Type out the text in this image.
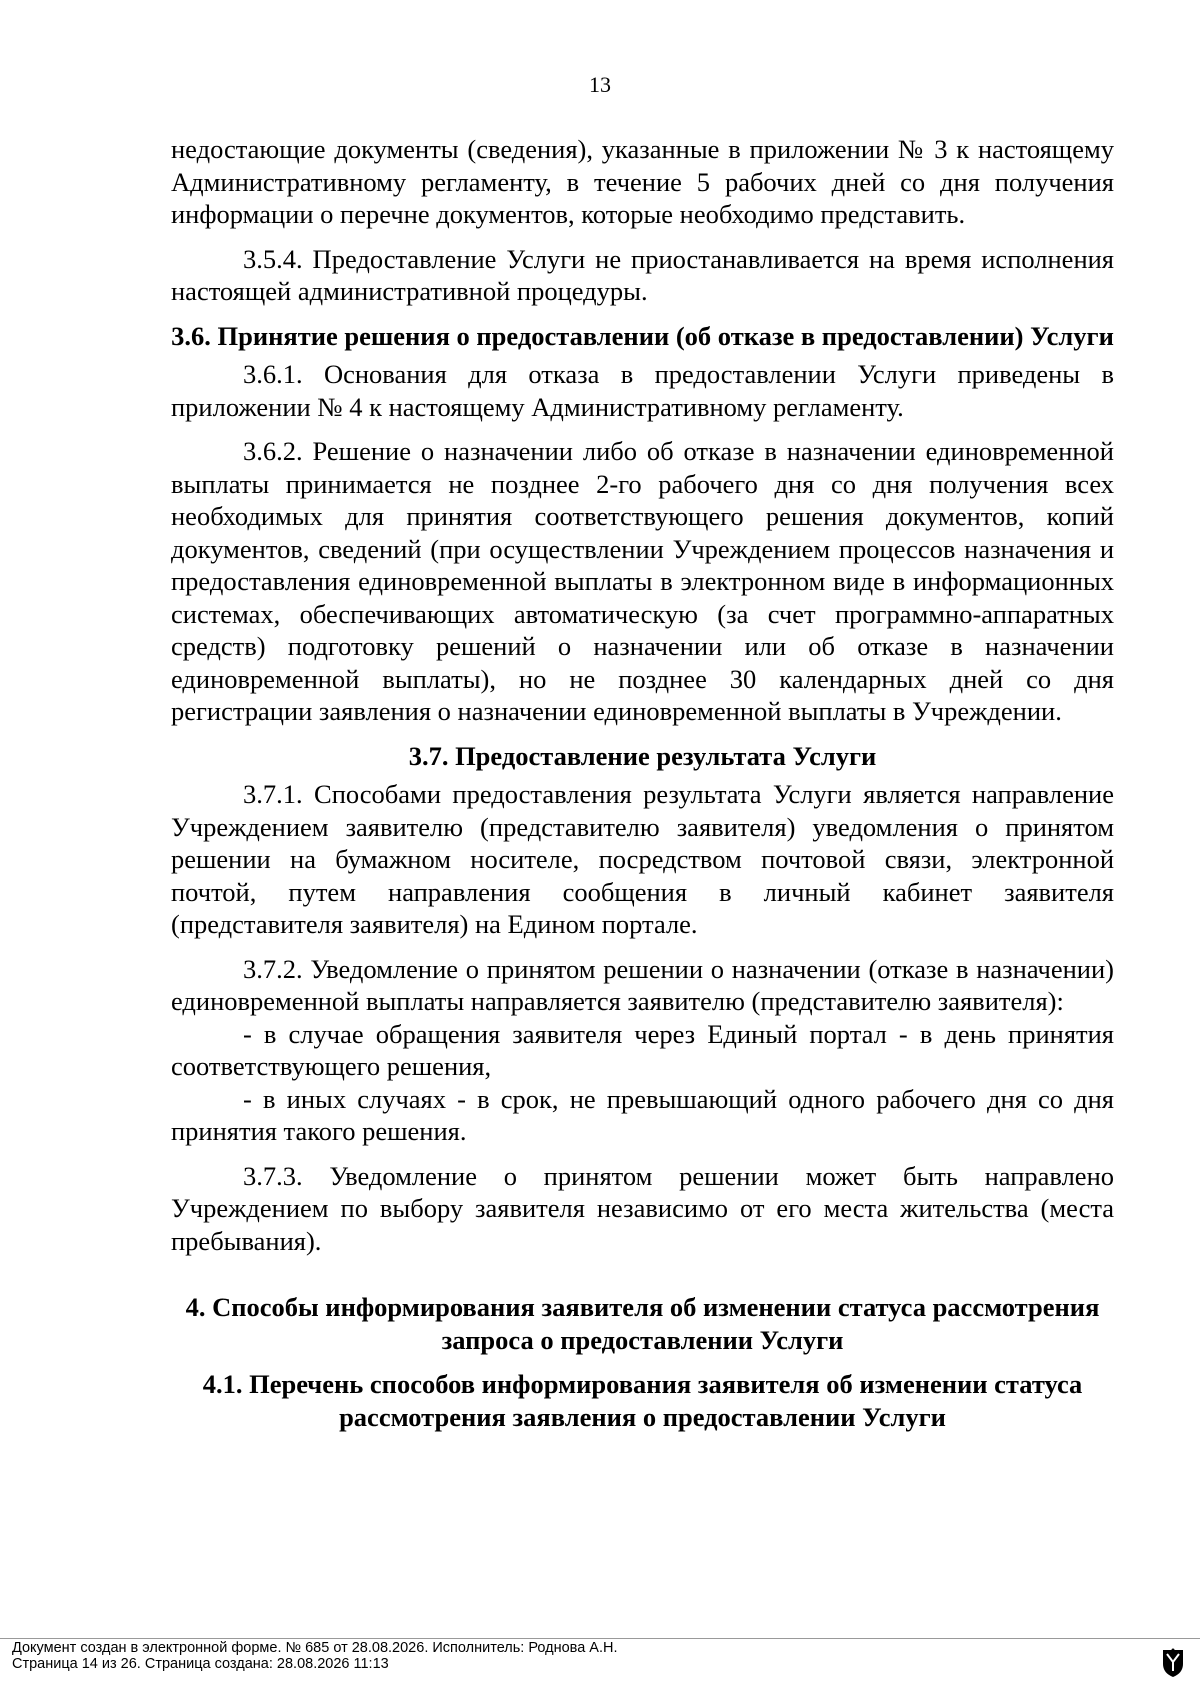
13

недостающие документы (сведения), указанные в приложении № 3 к настоящему Административному регламенту, в течение 5 рабочих дней со дня получения информации о перечне документов, которые необходимо представить.

3.5.4. Предоставление Услуги не приостанавливается на время исполнения настоящей административной процедуры.

3.6. Принятие решения о предоставлении (об отказе в предоставлении) Услуги

3.6.1. Основания для отказа в предоставлении Услуги приведены в приложении № 4 к настоящему Административному регламенту.

3.6.2. Решение о назначении либо об отказе в назначении единовременной выплаты принимается не позднее 2-го рабочего дня со дня получения всех необходимых для принятия соответствующего решения документов, копий документов, сведений (при осуществлении Учреждением процессов назначения и предоставления единовременной выплаты в электронном виде в информационных системах, обеспечивающих автоматическую (за счет программно-аппаратных средств) подготовку решений о назначении или об отказе в назначении единовременной выплаты), но не позднее 30 календарных дней со дня регистрации заявления о назначении единовременной выплаты в Учреждении.

3.7. Предоставление результата Услуги

3.7.1. Способами предоставления результата Услуги является направление Учреждением заявителю (представителю заявителя) уведомления о принятом решении на бумажном носителе, посредством почтовой связи, электронной почтой, путем направления сообщения в личный кабинет заявителя (представителя заявителя) на Едином портале.

3.7.2. Уведомление о принятом решении о назначении (отказе в назначении) единовременной выплаты направляется заявителю (представителю заявителя):

- в случае обращения заявителя через Единый портал - в день принятия соответствующего решения,

- в иных случаях - в срок, не превышающий одного рабочего дня со дня принятия такого решения.

3.7.3. Уведомление о принятом решении может быть направлено Учреждением по выбору заявителя независимо от его места жительства (места пребывания).

4. Способы информирования заявителя об изменении статуса рассмотрения запроса о предоставлении Услуги
4.1. Перечень способов информирования заявителя об изменении статуса рассмотрения заявления о предоставлении Услуги
Документ создан в электронной форме. № 685 от 28.08.2026. Исполнитель: Роднова А.Н.
Страница 14 из 26. Страница создана: 28.08.2026 11:13
